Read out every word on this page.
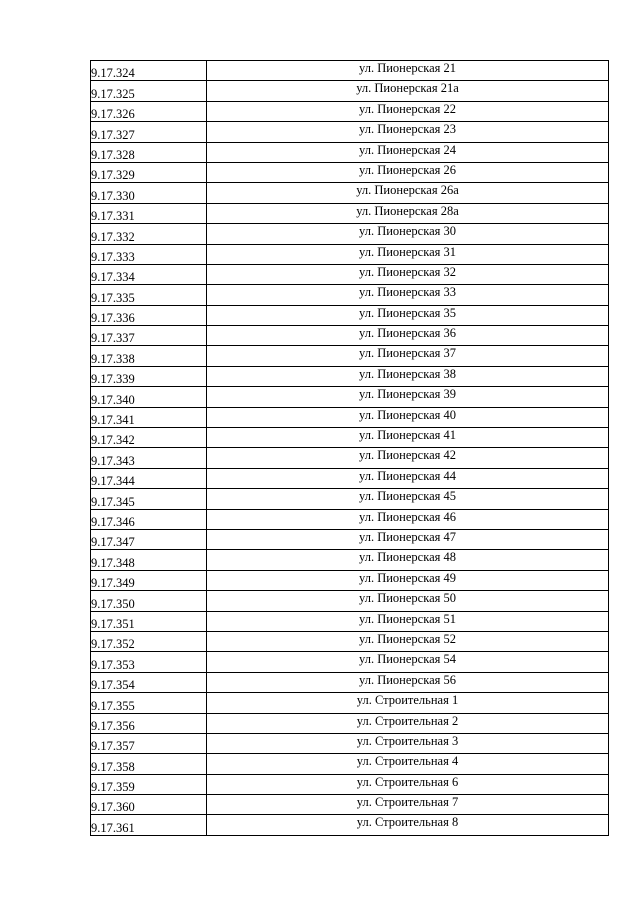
9.17.324	ул. Пионерская 21
9.17.325	ул. Пионерская 21а
9.17.326	ул. Пионерская 22
9.17.327	ул. Пионерская 23
9.17.328	ул. Пионерская 24
9.17.329	ул. Пионерская 26
9.17.330	ул. Пионерская 26а
9.17.331	ул. Пионерская 28а
9.17.332	ул. Пионерская 30
9.17.333	ул. Пионерская 31
9.17.334	ул. Пионерская 32
9.17.335	ул. Пионерская 33
9.17.336	ул. Пионерская 35
9.17.337	ул. Пионерская 36
9.17.338	ул. Пионерская 37
9.17.339	ул. Пионерская 38
9.17.340	ул. Пионерская 39
9.17.341	ул. Пионерская 40
9.17.342	ул. Пионерская 41
9.17.343	ул. Пионерская 42
9.17.344	ул. Пионерская 44
9.17.345	ул. Пионерская 45
9.17.346	ул. Пионерская 46
9.17.347	ул. Пионерская 47
9.17.348	ул. Пионерская 48
9.17.349	ул. Пионерская 49
9.17.350	ул. Пионерская 50
9.17.351	ул. Пионерская 51
9.17.352	ул. Пионерская 52
9.17.353	ул. Пионерская 54
9.17.354	ул. Пионерская 56
9.17.355	ул. Строительная 1
9.17.356	ул. Строительная 2
9.17.357	ул. Строительная 3
9.17.358	ул. Строительная 4
9.17.359	ул. Строительная 6
9.17.360	ул. Строительная 7
9.17.361	ул. Строительная 8
